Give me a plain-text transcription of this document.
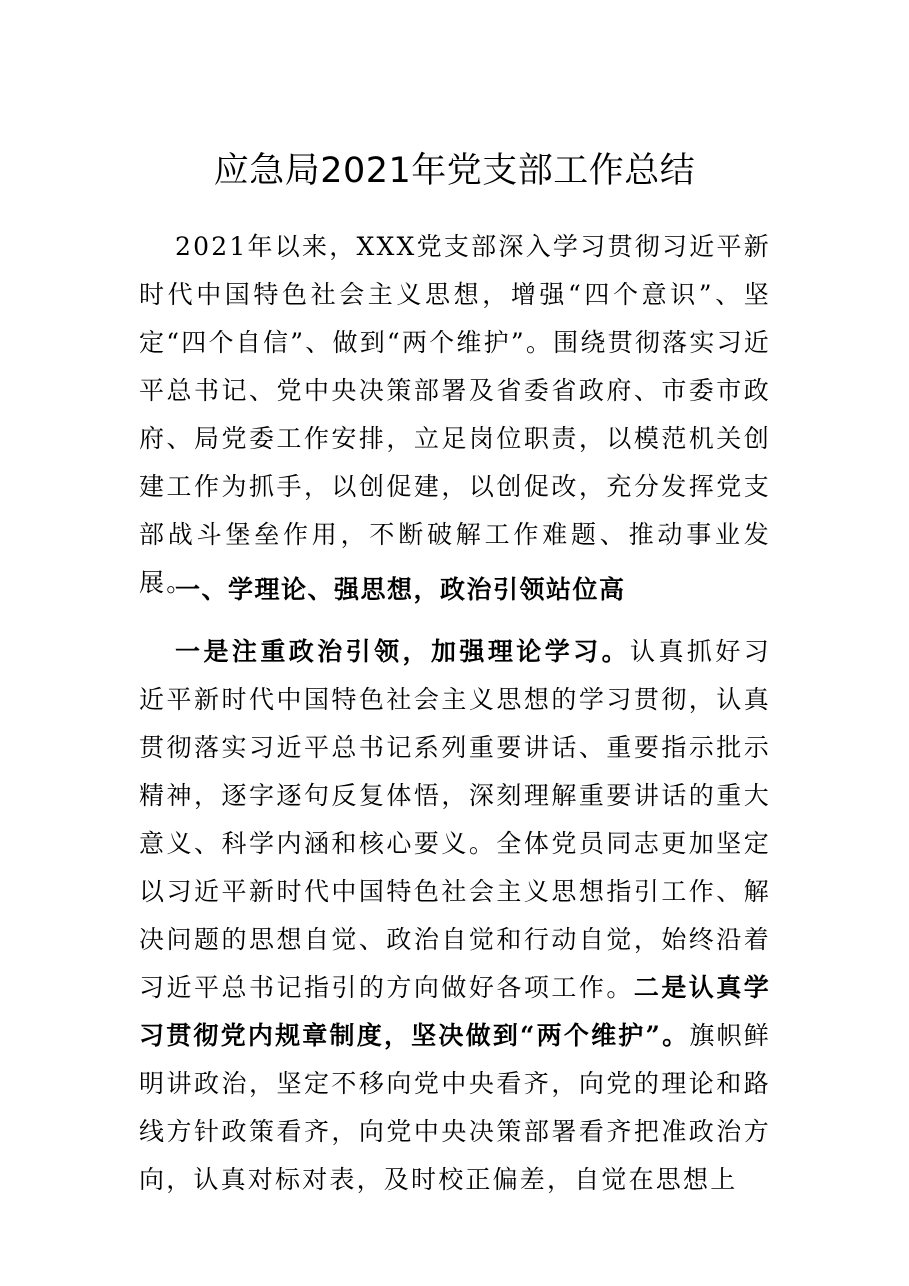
应急局2021年党支部工作总结

2021年以来，XXX党支部深入学习贯彻习近平新时代中国特色社会主义思想，增强“四个意识”、坚定“四个自信”、做到“两个维护”。围绕贯彻落实习近平总书记、党中央决策部署及省委省政府、市委市政府、局党委工作安排，立足岗位职责，以模范机关创建工作为抓手，以创促建，以创促改，充分发挥党支部战斗堡垒作用，不断破解工作难题、推动事业发展。

一、学理论、强思想，政治引领站位高

一是注重政治引领，加强理论学习。认真抓好习近平新时代中国特色社会主义思想的学习贯彻，认真贯彻落实习近平总书记系列重要讲话、重要指示批示精神，逐字逐句反复体悟，深刻理解重要讲话的重大意义、科学内涵和核心要义。全体党员同志更加坚定以习近平新时代中国特色社会主义思想指引工作、解决问题的思想自觉、政治自觉和行动自觉，始终沿着习近平总书记指引的方向做好各项工作。二是认真学习贯彻党内规章制度，坚决做到“两个维护”。旗帜鲜明讲政治，坚定不移向党中央看齐，向党的理论和路线方针政策看齐，向党中央决策部署看齐把准政治方向，认真对标对表，及时校正偏差，自觉在思想上
